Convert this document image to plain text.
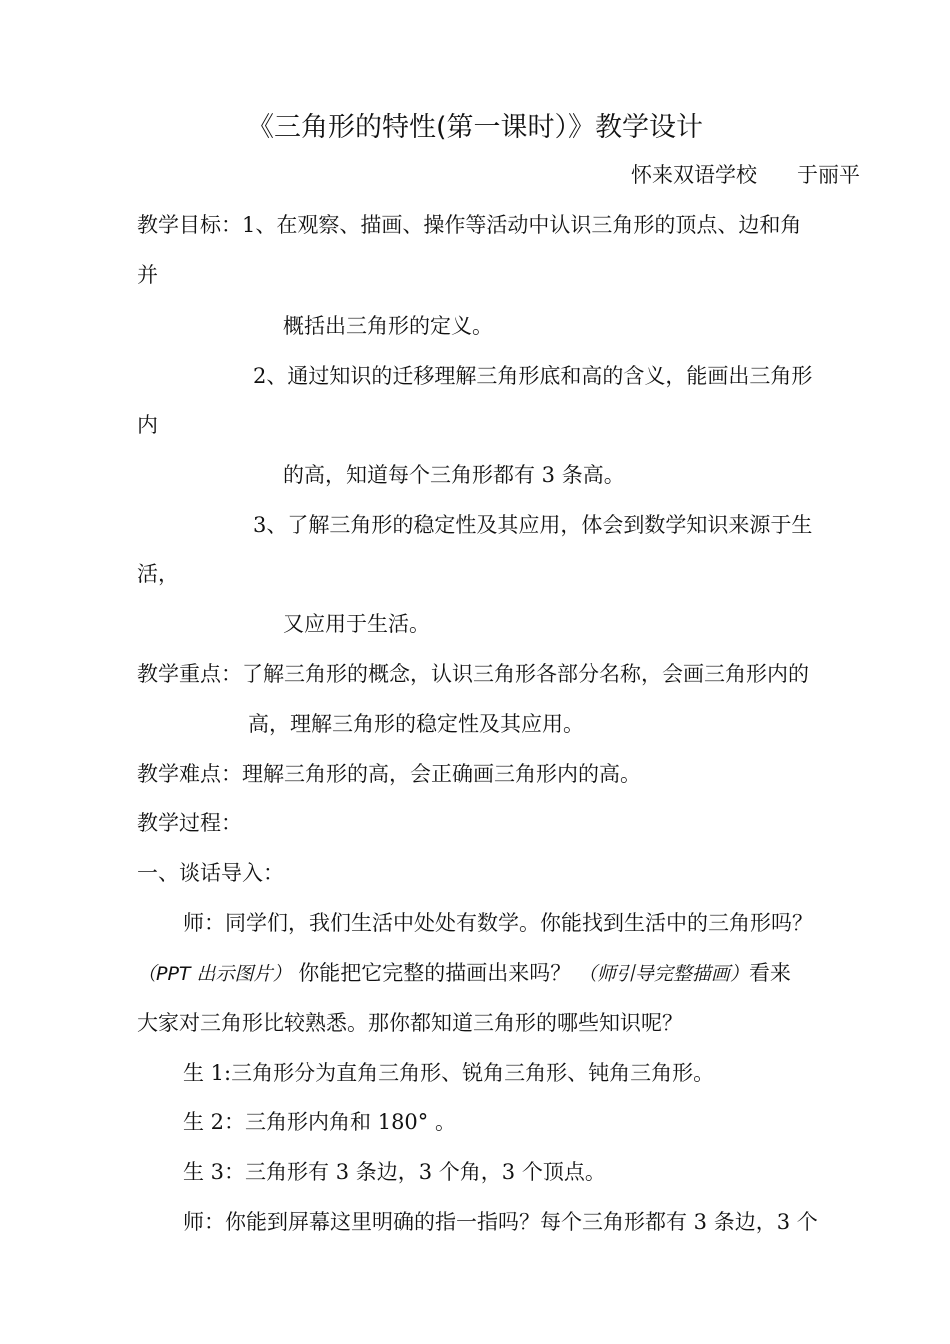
《三角形的特性(第一课时）》教学设计
怀来双语学校 于丽平
教学目标：1、在观察、描画、操作等活动中认识三角形的顶点、边和角
并
概括出三角形的定义。
2、通过知识的迁移理解三角形底和高的含义，能画出三角形
内
的高，知道每个三角形都有 3 条高。
3、了解三角形的稳定性及其应用，体会到数学知识来源于生
活，
又应用于生活。
教学重点：了解三角形的概念，认识三角形各部分名称，会画三角形内的
高，理解三角形的稳定性及其应用。
教学难点：理解三角形的高，会正确画三角形内的高。
教学过程：
一、谈话导入：
师：同学们，我们生活中处处有数学。你能找到生活中的三角形吗？
（PPT 出示图片） 你能把它完整的描画出来吗？ （师引导完整描画）看来
大家对三角形比较熟悉。那你都知道三角形的哪些知识呢？
生 1:三角形分为直角三角形、锐角三角形、钝角三角形。
生 2：三角形内角和 180° 。
生 3：三角形有 3 条边，3 个角，3 个顶点。
师：你能到屏幕这里明确的指一指吗？每个三角形都有 3 条边，3 个
